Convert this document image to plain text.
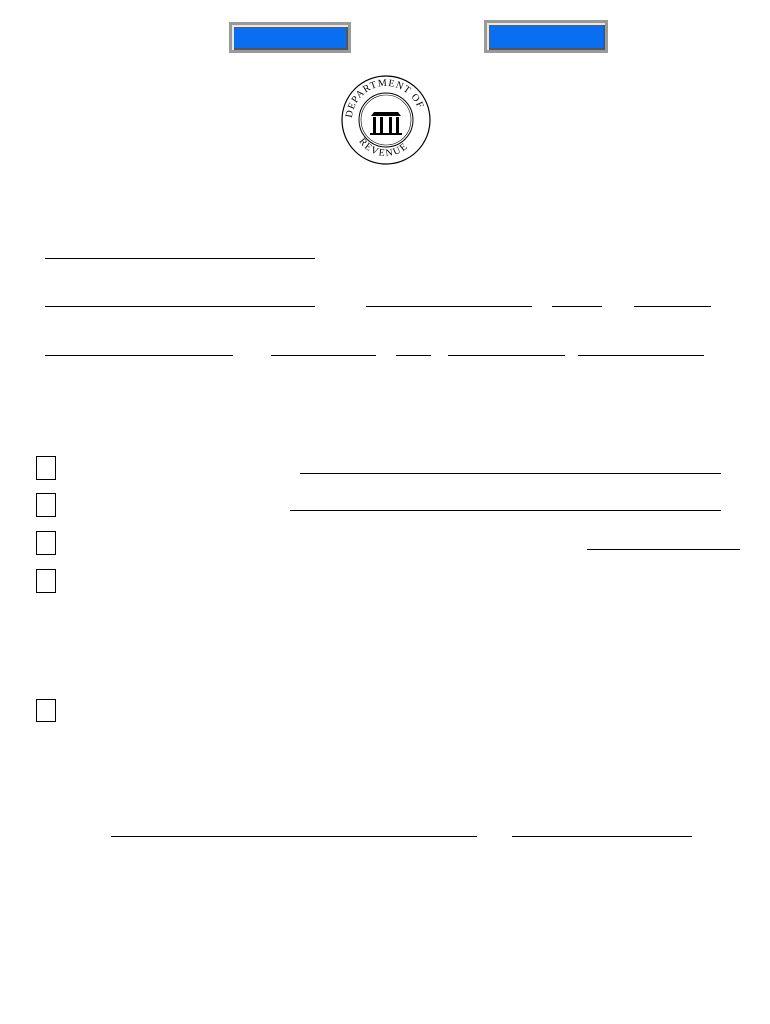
DEPARTMENT OF
REVENUE
